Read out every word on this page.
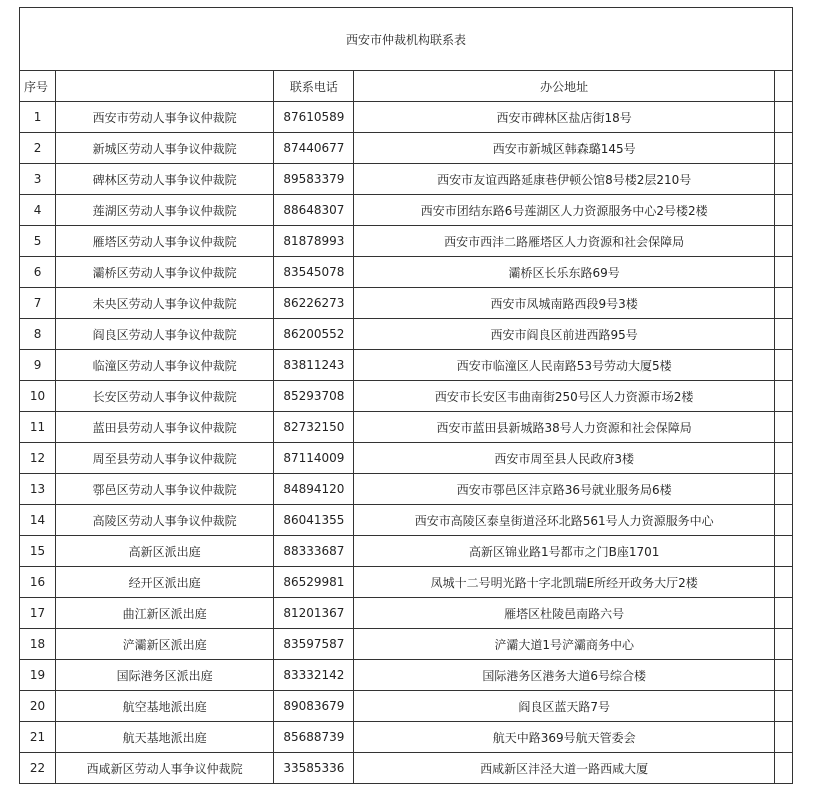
西安市仲裁机构联系表				
序号		联系电话	办公地址	
1	西安市劳动人事争议仲裁院	87610589	西安市碑林区盐店街18号	
2	新城区劳动人事争议仲裁院	87440677	西安市新城区韩森璐145号	
3	碑林区劳动人事争议仲裁院	89583379	西安市友谊西路延康巷伊顿公馆8号楼2层210号	
4	莲湖区劳动人事争议仲裁院	88648307	西安市团结东路6号莲湖区人力资源服务中心2号楼2楼	
5	雁塔区劳动人事争议仲裁院	81878993	西安市西沣二路雁塔区人力资源和社会保障局	
6	灞桥区劳动人事争议仲裁院	83545078	灞桥区长乐东路69号	
7	未央区劳动人事争议仲裁院	86226273	西安市凤城南路西段9号3楼	
8	阎良区劳动人事争议仲裁院	86200552	西安市阎良区前进西路95号	
9	临潼区劳动人事争议仲裁院	83811243	西安市临潼区人民南路53号劳动大厦5楼	
10	长安区劳动人事争议仲裁院	85293708	西安市长安区韦曲南街250号区人力资源市场2楼	
11	蓝田县劳动人事争议仲裁院	82732150	西安市蓝田县新城路38号人力资源和社会保障局	
12	周至县劳动人事争议仲裁院	87114009	西安市周至县人民政府3楼	
13	鄠邑区劳动人事争议仲裁院	84894120	西安市鄠邑区沣京路36号就业服务局6楼	
14	高陵区劳动人事争议仲裁院	86041355	西安市高陵区泰皇街道泾环北路561号人力资源服务中心	
15	高新区派出庭	88333687	高新区锦业路1号都市之门B座1701	
16	经开区派出庭	86529981	凤城十二号明光路十字北凯瑞E所经开政务大厅2楼	
17	曲江新区派出庭	81201367	雁塔区杜陵邑南路六号	
18	浐灞新区派出庭	83597587	浐灞大道1号浐灞商务中心	
19	国际港务区派出庭	83332142	国际港务区港务大道6号综合楼	
20	航空基地派出庭	89083679	阎良区蓝天路7号	
21	航天基地派出庭	85688739	航天中路369号航天管委会	
22	西咸新区劳动人事争议仲裁院	33585336	西咸新区沣泾大道一路西咸大厦	
